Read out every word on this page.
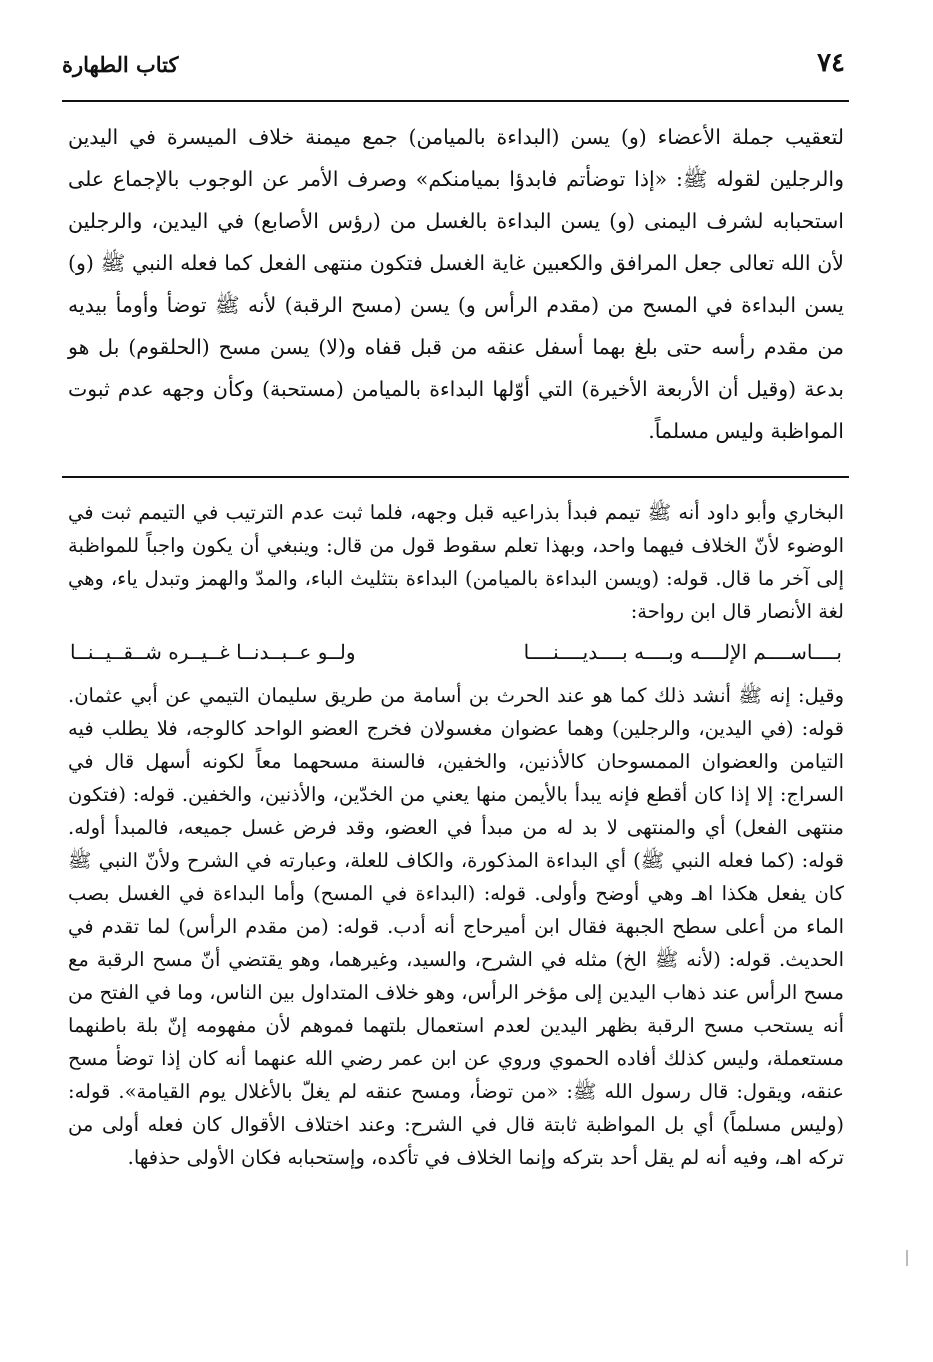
٧٤
كتاب الطهارة

لتعقيب جملة الأعضاء (و) يسن (البداءة بالميامن) جمع ميمنة خلاف الميسرة في اليدين والرجلين لقوله ﷺ: «إذا توضأتم فابدؤا بميامنكم» وصرف الأمر عن الوجوب بالإجماع على استحبابه لشرف اليمنى (و) يسن البداءة بالغسل من (رؤس الأصابع) في اليدين، والرجلين لأن الله تعالى جعل المرافق والكعبين غاية الغسل فتكون منتهى الفعل كما فعله النبي ﷺ (و) يسن البداءة في المسح من (مقدم الرأس و) يسن (مسح الرقبة) لأنه ﷺ توضأ وأومأ بيديه من مقدم رأسه حتى بلغ بهما أسفل عنقه من قبل قفاه و(لا) يسن مسح (الحلقوم) بل هو بدعة (وقيل أن الأربعة الأخيرة) التي أوّلها البداءة بالميامن (مستحبة) وكأن وجهه عدم ثبوت المواظبة وليس مسلماً.

البخاري وأبو داود أنه ﷺ تيمم فبدأ بذراعيه قبل وجهه، فلما ثبت عدم الترتيب في التيمم ثبت في الوضوء لأنّ الخلاف فيهما واحد، وبهذا تعلم سقوط قول من قال: وينبغي أن يكون واجباً للمواظبة إلى آخر ما قال. قوله: (ويسن البداءة بالميامن) البداءة بتثليث الباء، والمدّ والهمز وتبدل ياء، وهي لغة الأنصار قال ابن رواحة:

بــــاســــم الإلــــه وبــــه بــــديــــنــــا
ولــو عــبــدنــا غــيــره شــقــيــنــا

وقيل: إنه ﷺ أنشد ذلك كما هو عند الحرث بن أسامة من طريق سليمان التيمي عن أبي عثمان. قوله: (في اليدين، والرجلين) وهما عضوان مغسولان فخرج العضو الواحد كالوجه، فلا يطلب فيه التيامن والعضوان الممسوحان كالأذنين، والخفين، فالسنة مسحهما معاً لكونه أسهل قال في السراج: إلا إذا كان أقطع فإنه يبدأ بالأيمن منها يعني من الخدّين، والأذنين، والخفين. قوله: (فتكون منتهى الفعل) أي والمنتهى لا بد له من مبدأ في العضو، وقد فرض غسل جميعه، فالمبدأ أوله. قوله: (كما فعله النبي ﷺ) أي البداءة المذكورة، والكاف للعلة، وعبارته في الشرح ولأنّ النبي ﷺ كان يفعل هكذا اهـ وهي أوضح وأولى. قوله: (البداءة في المسح) وأما البداءة في الغسل بصب الماء من أعلى سطح الجبهة فقال ابن أميرحاج أنه أدب. قوله: (من مقدم الرأس) لما تقدم في الحديث. قوله: (لأنه ﷺ الخ) مثله في الشرح، والسيد، وغيرهما، وهو يقتضي أنّ مسح الرقبة مع مسح الرأس عند ذهاب اليدين إلى مؤخر الرأس، وهو خلاف المتداول بين الناس، وما في الفتح من أنه يستحب مسح الرقبة بظهر اليدين لعدم استعمال بلتهما فموهم لأن مفهومه إنّ بلة باطنهما مستعملة، وليس كذلك أفاده الحموي وروي عن ابن عمر رضي الله عنهما أنه كان إذا توضأ مسح عنقه، ويقول: قال رسول الله ﷺ: «من توضأ، ومسح عنقه لم يغلّ بالأغلال يوم القيامة». قوله: (وليس مسلماً) أي بل المواظبة ثابتة قال في الشرح: وعند اختلاف الأقوال كان فعله أولى من تركه اهـ، وفيه أنه لم يقل أحد بتركه وإنما الخلاف في تأكده، وإستحبابه فكان الأولى حذفها.
